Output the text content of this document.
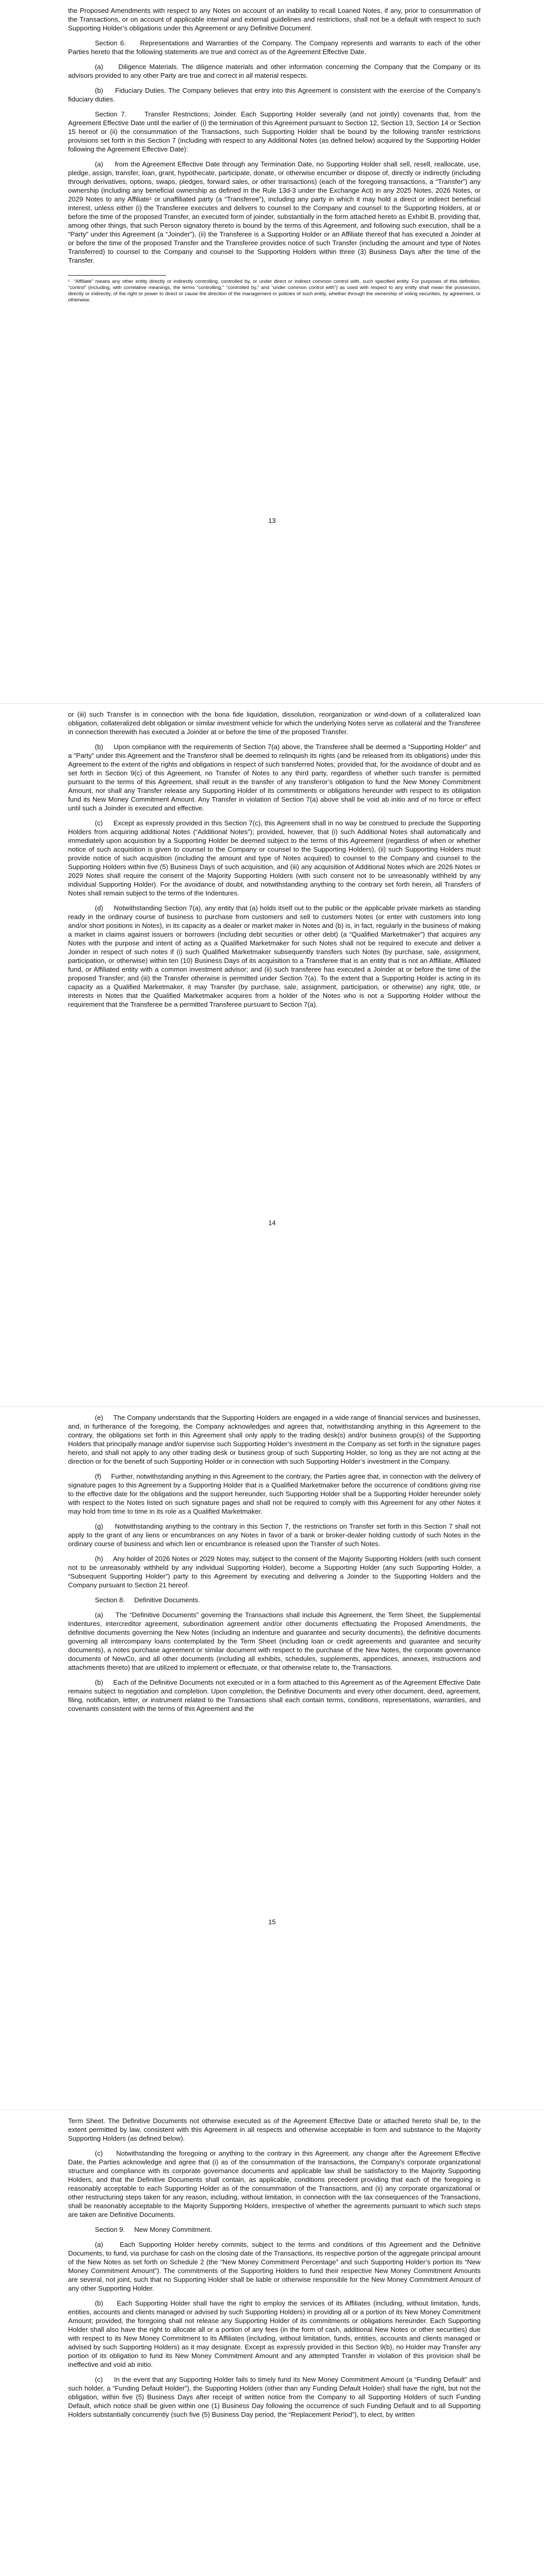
the Proposed Amendments with respect to any Notes on account of an inability to recall Loaned Notes, if any, prior to consummation of the Transactions, or on account of applicable internal and external guidelines and restrictions, shall not be a default with respect to such Supporting Holder’s obligations under this Agreement or any Definitive Document.

Section 6.     Representations and Warranties of the Company. The Company represents and warrants to each of the other Parties hereto that the following statements are true and correct as of the Agreement Effective Date.

(a)     Diligence Materials. The diligence materials and other information concerning the Company that the Company or its advisors provided to any other Party are true and correct in all material respects.

(b)     Fiduciary Duties. The Company believes that entry into this Agreement is consistent with the exercise of the Company’s fiduciary duties.

Section 7.     Transfer Restrictions; Joinder. Each Supporting Holder severally (and not jointly) covenants that, from the Agreement Effective Date until the earlier of (i) the termination of this Agreement pursuant to Section 12, Section 13, Section 14 or Section 15 hereof or (ii) the consummation of the Transactions, such Supporting Holder shall be bound by the following transfer restrictions provisions set forth in this Section 7 (including with respect to any Additional Notes (as defined below) acquired by the Supporting Holder following the Agreement Effective Date):

(a)     from the Agreement Effective Date through any Termination Date, no Supporting Holder shall sell, resell, reallocate, use, pledge, assign, transfer, loan, grant, hypothecate, participate, donate, or otherwise encumber or dispose of, directly or indirectly (including through derivatives, options, swaps, pledges, forward sales, or other transactions) (each of the foregoing transactions, a “Transfer”) any ownership (including any beneficial ownership as defined in the Rule 13d-3 under the Exchange Act) in any 2025 Notes, 2026 Notes, or 2029 Notes to any Affiliate¹ or unaffiliated party (a “Transferee”), including any party in which it may hold a direct or indirect beneficial interest, unless either (i) the Transferee executes and delivers to counsel to the Company and counsel to the Supporting Holders, at or before the time of the proposed Transfer, an executed form of joinder, substantially in the form attached hereto as Exhibit B, providing that, among other things, that such Person signatory thereto is bound by the terms of this Agreement, and following such execution, shall be a “Party” under this Agreement (a “Joinder”), (ii) the Transferee is a Supporting Holder or an Affiliate thereof that has executed a Joinder at or before the time of the proposed Transfer and the Transferee provides notice of such Transfer (including the amount and type of Notes Transferred) to counsel to the Company and counsel to the Supporting Holders within three (3) Business Days after the time of the Transfer.

¹  “Affiliate” means any other entity directly or indirectly controlling, controlled by, or under direct or indirect common control with, such specified entity. For purposes of this definition, “control” (including, with correlative meanings, the terms “controlling,” “controlled by,” and “under common control with”) as used with respect to any entity shall mean the possession, directly or indirectly, of the right or power to direct or cause the direction of the management or policies of such entity, whether through the ownership of voting securities, by agreement, or otherwise.

13

or (iii) such Transfer is in connection with the bona fide liquidation, dissolution, reorganization or wind-down of a collateralized loan obligation, collateralized debt obligation or similar investment vehicle for which the underlying Notes serve as collateral and the Transferee in connection therewith has executed a Joinder at or before the time of the proposed Transfer.

(b)     Upon compliance with the requirements of Section 7(a) above, the Transferee shall be deemed a “Supporting Holder” and a “Party” under this Agreement and the Transferor shall be deemed to relinquish its rights (and be released from its obligations) under this Agreement to the extent of the rights and obligations in respect of such transferred Notes; provided that, for the avoidance of doubt and as set forth in Section 9(c) of this Agreement, no Transfer of Notes to any third party, regardless of whether such transfer is permitted pursuant to the terms of this Agreement, shall result in the transfer of any transferor’s obligation to fund the New Money Commitment Amount, nor shall any Transfer release any Supporting Holder of its commitments or obligations hereunder with respect to its obligation fund its New Money Commitment Amount. Any Transfer in violation of Section 7(a) above shall be void ab initio and of no force or effect until such a Joinder is executed and effective.

(c)     Except as expressly provided in this Section 7(c), this Agreement shall in no way be construed to preclude the Supporting Holders from acquiring additional Notes (“Additional Notes”); provided, however, that (i) such Additional Notes shall automatically and immediately upon acquisition by a Supporting Holder be deemed subject to the terms of this Agreement (regardless of when or whether notice of such acquisition is given to counsel to the Company or counsel to the Supporting Holders), (ii) such Supporting Holders must provide notice of such acquisition (including the amount and type of Notes acquired) to counsel to the Company and counsel to the Supporting Holders within five (5) Business Days of such acquisition, and (iii) any acquisition of Additional Notes which are 2026 Notes or 2029 Notes shall require the consent of the Majority Supporting Holders (with such consent not to be unreasonably withheld by any individual Supporting Holder). For the avoidance of doubt, and notwithstanding anything to the contrary set forth herein, all Transfers of Notes shall remain subject to the terms of the Indentures.

(d)     Notwithstanding Section 7(a), any entity that (a) holds itself out to the public or the applicable private markets as standing ready in the ordinary course of business to purchase from customers and sell to customers Notes (or enter with customers into long and/or short positions in Notes), in its capacity as a dealer or market maker in Notes and (b) is, in fact, regularly in the business of making a market in claims against issuers or borrowers (including debt securities or other debt) (a “Qualified Marketmaker”) that acquires any Notes with the purpose and intent of acting as a Qualified Marketmaker for such Notes shall not be required to execute and deliver a Joinder in respect of such notes if (i) such Qualified Marketmaker subsequently transfers such Notes (by purchase, sale, assignment, participation, or otherwise) within ten (10) Business Days of its acquisition to a Transferee that is an entity that is not an Affiliate, Affiliated fund, or Affiliated entity with a common investment advisor; and (ii) such transferee has executed a Joinder at or before the time of the proposed Transfer; and (iii) the Transfer otherwise is permitted under Section 7(a). To the extent that a Supporting Holder is acting in its capacity as a Qualified Marketmaker, it may Transfer (by purchase, sale, assignment, participation, or otherwise) any right, title, or interests in Notes that the Qualified Marketmaker acquires from a holder of the Notes who is not a Supporting Holder without the requirement that the Transferee be a permitted Transferee pursuant to Section 7(a).

14

(e)     The Company understands that the Supporting Holders are engaged in a wide range of financial services and businesses, and, in furtherance of the foregoing, the Company acknowledges and agrees that, notwithstanding anything in this Agreement to the contrary, the obligations set forth in this Agreement shall only apply to the trading desk(s) and/or business group(s) of the Supporting Holders that principally manage and/or supervise such Supporting Holder’s investment in the Company as set forth in the signature pages hereto, and shall not apply to any other trading desk or business group of such Supporting Holder, so long as they are not acting at the direction or for the benefit of such Supporting Holder or in connection with such Supporting Holder’s investment in the Company.

(f)     Further, notwithstanding anything in this Agreement to the contrary, the Parties agree that, in connection with the delivery of signature pages to this Agreement by a Supporting Holder that is a Qualified Marketmaker before the occurrence of conditions giving rise to the effective date for the obligations and the support hereunder, such Supporting Holder shall be a Supporting Holder hereunder solely with respect to the Notes listed on such signature pages and shall not be required to comply with this Agreement for any other Notes it may hold from time to time in its role as a Qualified Marketmaker.

(g)     Notwithstanding anything to the contrary in this Section 7, the restrictions on Transfer set forth in this Section 7 shall not apply to the grant of any liens or encumbrances on any Notes in favor of a bank or broker-dealer holding custody of such Notes in the ordinary course of business and which lien or encumbrance is released upon the Transfer of such Notes.

(h)     Any holder of 2026 Notes or 2029 Notes may, subject to the consent of the Majority Supporting Holders (with such consent not to be unreasonably withheld by any individual Supporting Holder), become a Supporting Holder (any such Supporting Holder, a “Subsequent Supporting Holder”) party to this Agreement by executing and delivering a Joinder to the Supporting Holders and the Company pursuant to Section 21 hereof.

Section 8.     Definitive Documents.

(a)     The “Definitive Documents” governing the Transactions shall include this Agreement, the Term Sheet, the Supplemental Indentures, intercreditor agreement, subordination agreement and/or other documents effectuating the Proposed Amendments, the definitive documents governing the New Notes (including an indenture and guarantee and security documents), the definitive documents governing all intercompany loans contemplated by the Term Sheet (including loan or credit agreements and guarantee and security documents), a notes purchase agreement or similar document with respect to the purchase of the New Notes, the corporate governance documents of NewCo, and all other documents (including all exhibits, schedules, supplements, appendices, annexes, instructions and attachments thereto) that are utilized to implement or effectuate, or that otherwise relate to, the Transactions.

(b)     Each of the Definitive Documents not executed or in a form attached to this Agreement as of the Agreement Effective Date remains subject to negotiation and completion. Upon completion, the Definitive Documents and every other document, deed, agreement, filing, notification, letter, or instrument related to the Transactions shall each contain terms, conditions, representations, warranties, and covenants consistent with the terms of this Agreement and the

15

Term Sheet. The Definitive Documents not otherwise executed as of the Agreement Effective Date or attached hereto shall be, to the extent permitted by law, consistent with this Agreement in all respects and otherwise acceptable in form and substance to the Majority Supporting Holders (as defined below).

(c)     Notwithstanding the foregoing or anything to the contrary in this Agreement, any change after the Agreement Effective Date, the Parties acknowledge and agree that (i) as of the consummation of the transactions, the Company’s corporate organizational structure and compliance with its corporate governance documents and applicable law shall be satisfactory to the Majority Supporting Holders, and that the Definitive Documents shall contain, as applicable, conditions precedent providing that each of the foregoing is reasonably acceptable to each Supporting Holder as of the consummation of the Transactions, and (ii) any corporate organizational or other restructuring steps taken for any reason, including, without limitation, in connection with the tax consequences of the Transactions, shall be reasonably acceptable to the Majority Supporting Holders, irrespective of whether the agreements pursuant to which such steps are taken are Definitive Documents.

Section 9.     New Money Commitment.

(a)     Each Supporting Holder hereby commits, subject to the terms and conditions of this Agreement and the Definitive Documents, to fund, via purchase for cash on the closing date of the Transactions, its respective portion of the aggregate principal amount of the New Notes as set forth on Schedule 2 (the “New Money Commitment Percentage” and such Supporting Holder’s portion its “New Money Commitment Amount”). The commitments of the Supporting Holders to fund their respective New Money Commitment Amounts are several, not joint, such that no Supporting Holder shall be liable or otherwise responsible for the New Money Commitment Amount of any other Supporting Holder.

(b)     Each Supporting Holder shall have the right to employ the services of its Affiliates (including, without limitation, funds, entities, accounts and clients managed or advised by such Supporting Holders) in providing all or a portion of its New Money Commitment Amount; provided, the foregoing shall not release any Supporting Holder of its commitments or obligations hereunder. Each Supporting Holder shall also have the right to allocate all or a portion of any fees (in the form of cash, additional New Notes or other securities) due with respect to its New Money Commitment to its Affiliates (including, without limitation, funds, entities, accounts and clients managed or advised by such Supporting Holders) as it may designate. Except as expressly provided in this Section 9(b), no Holder may Transfer any portion of its obligation to fund its New Money Commitment Amount and any attempted Transfer in violation of this provision shall be ineffective and void ab initio.

(c)     In the event that any Supporting Holder fails to timely fund its New Money Commitment Amount (a “Funding Default” and such holder, a “Funding Default Holder”), the Supporting Holders (other than any Funding Default Holder) shall have the right, but not the obligation, within five (5) Business Days after receipt of written notice from the Company to all Supporting Holders of such Funding Default, which notice shall be given within one (1) Business Day following the occurrence of such Funding Default and to all Supporting Holders substantially concurrently (such five (5) Business Day period, the “Replacement Period”), to elect, by written
